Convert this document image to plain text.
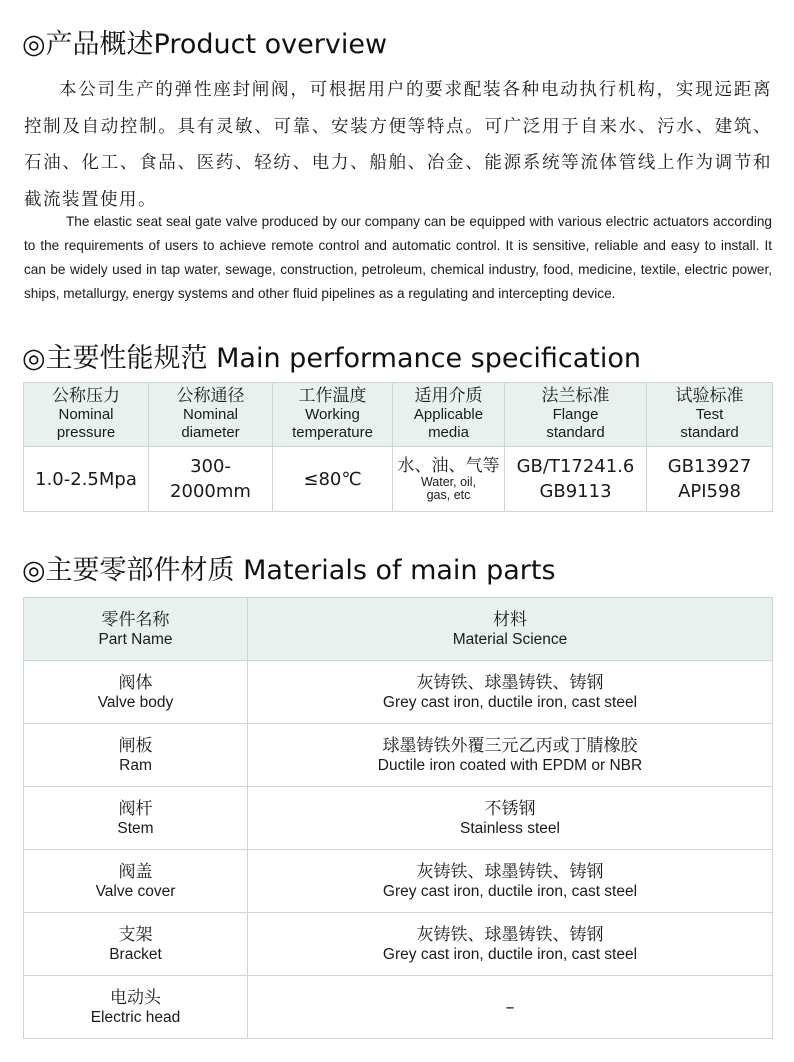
◎产品概述Product overview

本公司生产的弹性座封闸阀，可根据用户的要求配装各种电动执行机构，实现远距离控制及自动控制。具有灵敏、可靠、安装方便等特点。可广泛用于自来水、污水、建筑、石油、化工、食品、医药、轻纺、电力、船舶、冶金、能源系统等流体管线上作为调节和截流装置使用。

The elastic seat seal gate valve produced by our company can be equipped with various electric actuators according to the requirements of users to achieve remote control and automatic control. It is sensitive, reliable and easy to install. It can be widely used in tap water, sewage, construction, petroleum, chemical industry, food, medicine, textile, electric power, ships, metallurgy, energy systems and other fluid pipelines as a regulating and intercepting device.

◎主要性能规范 Main performance specification
公称压力
Nominal
pressure	公称通径
Nominal
diameter	工作温度
Working
temperature	适用介质
Applicable
media	法兰标准
Flange
standard	试验标准
Test
standard

1.0-2.5Mpa	300-
2000mm	≤80℃	水、油、气等
Water, oil,
gas, etc	GB/T17241.6
GB9113	GB13927
API598
◎主要零部件材质 Materials of main parts
零件名称
Part Name	材料
Material Science

阀体
Valve body	灰铸铁、球墨铸铁、铸钢
Grey cast iron, ductile iron, cast steel

闸板
Ram	球墨铸铁外覆三元乙丙或丁腈橡胶
Ductile iron coated with EPDM or NBR

阀杆
Stem	不锈钢
Stainless steel

阀盖
Valve cover	灰铸铁、球墨铸铁、铸钢
Grey cast iron, ductile iron, cast steel

支架
Bracket	灰铸铁、球墨铸铁、铸钢
Grey cast iron, ductile iron, cast steel

电动头
Electric head	–
